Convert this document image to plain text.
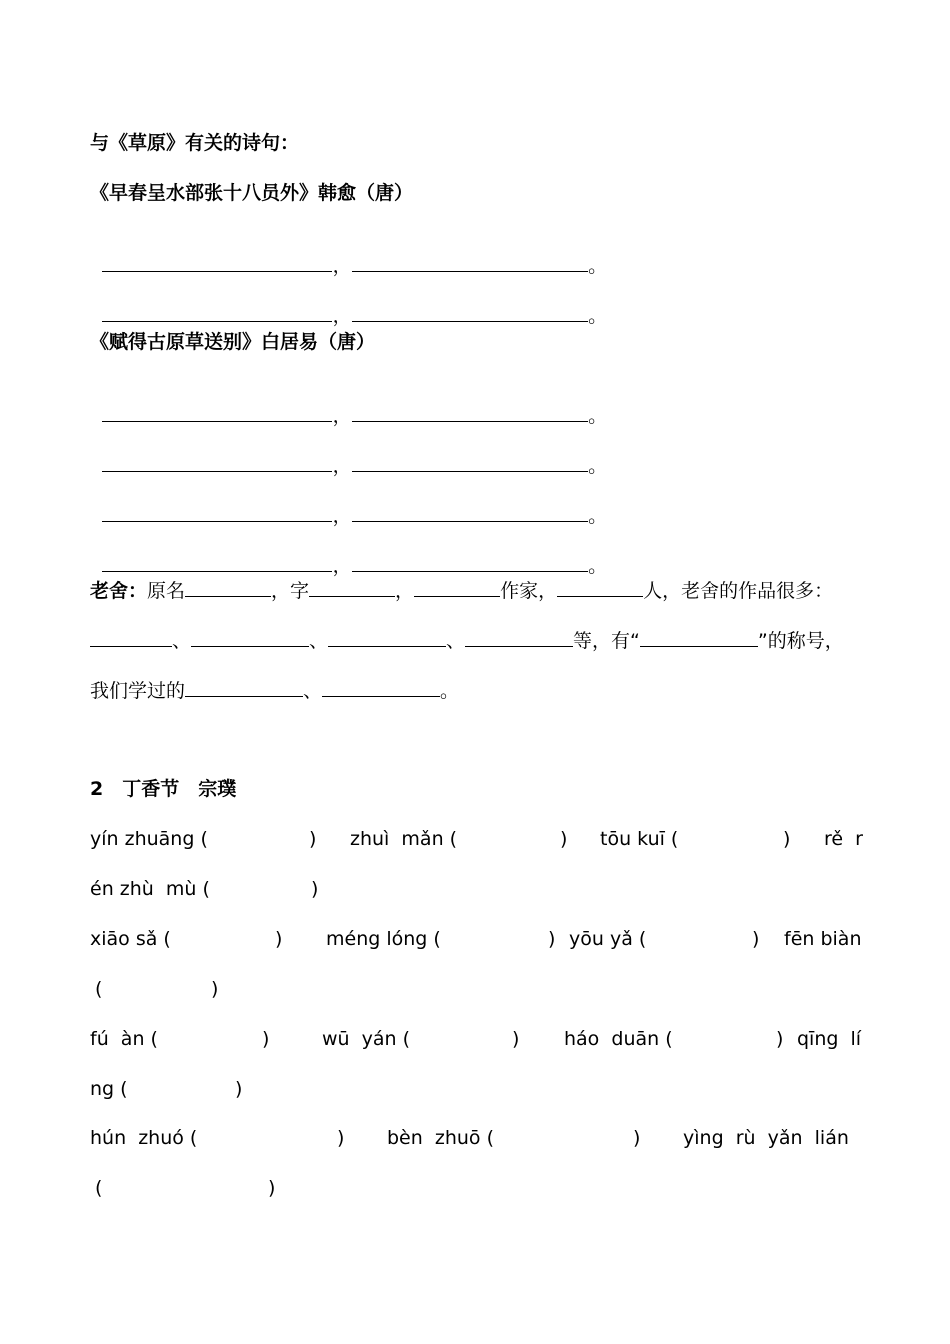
与《草原》有关的诗句：
《早春呈水部张十八员外》韩愈（唐）

，	。

，	。

《赋得古原草送别》白居易（唐）

，	。

，	。

，	。

，	。

老舍：原名	，字	，	作家，	人，老舍的作品很多：
、	、	、	等，有“	”的称号，
我们学过的	、	。
2　丁香节　宗璞
yín zhuāng (	) zhuì  mǎn (	) tōu kuī (	) rě  r
én zhù  mù (	)
xiāo sǎ (	) méng lóng (	) yōu yǎ (	) fēn biàn
(	)
fú  àn (	)	wū  yán (	) háo  duān (	) qīng  lí
ng (	)
hún  zhuó (	) bèn  zhuō (	) yìng  rù  yǎn  lián
(	)
